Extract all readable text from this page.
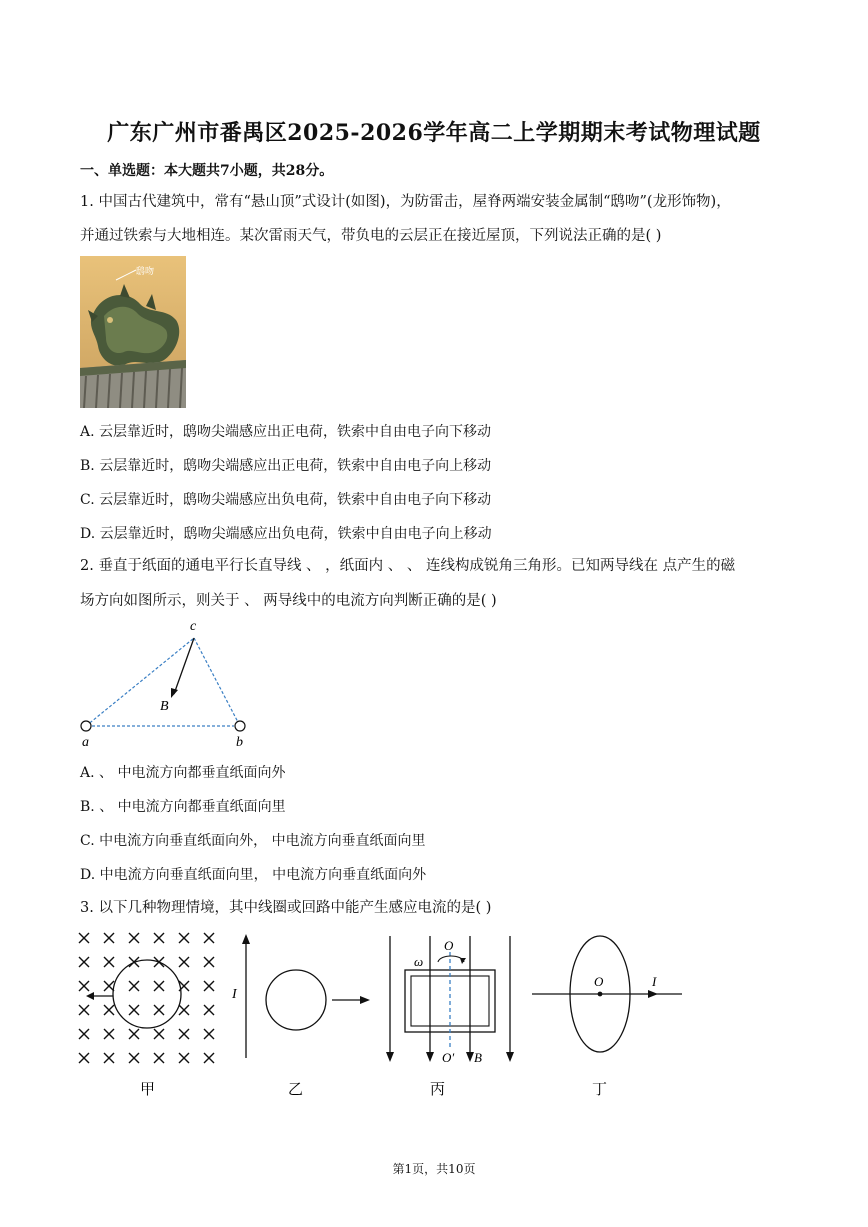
广东广州市番禺区2025-2026学年高二上学期期末考试物理试题
一、单选题：本大题共7小题，共28分。
1. 中国古代建筑中，常有“悬山顶”式设计(如图)，为防雷击，屋脊两端安装金属制“鸱吻”(龙形饰物)，
并通过铁索与大地相连。某次雷雨天气，带负电的云层正在接近屋顶，下列说法正确的是( )
鸱吻
A. 云层靠近时，鸱吻尖端感应出正电荷，铁索中自由电子向下移动
B. 云层靠近时，鸱吻尖端感应出正电荷，铁索中自由电子向上移动
C. 云层靠近时，鸱吻尖端感应出负电荷，铁索中自由电子向下移动
D. 云层靠近时，鸱吻尖端感应出负电荷，铁索中自由电子向上移动
2. 垂直于纸面的通电平行长直导线 、 ，纸面内 、 、 连线构成锐角三角形。已知两导线在 点产生的磁
场方向如图所示，则关于 、 两导线中的电流方向判断正确的是( )
c
a	b
B
A. 、 中电流方向都垂直纸面向外
B. 、 中电流方向都垂直纸面向里
C. 中电流方向垂直纸面向外， 中电流方向垂直纸面向里
D. 中电流方向垂直纸面向里， 中电流方向垂直纸面向外
3. 以下几种物理情境，其中线圈或回路中能产生感应电流的是( )
甲
I
乙
O
ω
O′ B
丙
O	I
丁
第1页，共10页
